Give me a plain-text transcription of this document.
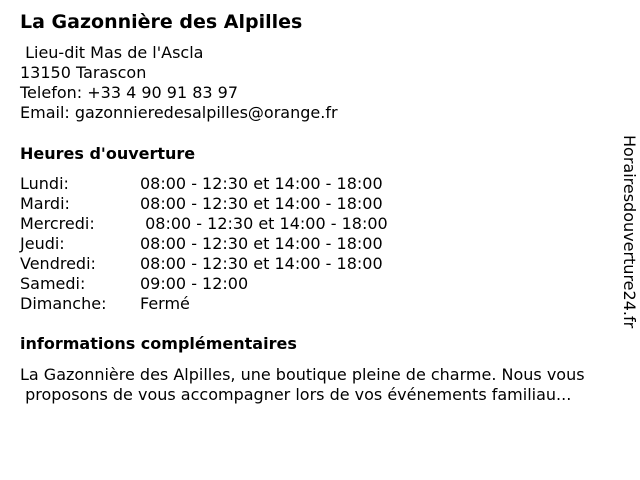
La Gazonnière des Alpilles
Lieu-dit Mas de l'Ascla
13150 Tarascon
Telefon: +33 4 90 91 83 97
Email: gazonnieredesalpilles@orange.fr
Heures d'ouverture
Lundi:	08:00 - 12:30 et 14:00 - 18:00
Mardi:	08:00 - 12:30 et 14:00 - 18:00
Mercredi:	08:00 - 12:30 et 14:00 - 18:00
Jeudi:	08:00 - 12:30 et 14:00 - 18:00
Vendredi:	08:00 - 12:30 et 14:00 - 18:00
Samedi:	09:00 - 12:00
Dimanche: Fermé
informations complémentaires
La Gazonnière des Alpilles, une boutique pleine de charme. Nous vous
proposons de vous accompagner lors de vos événements familiau...
Horairesdouverture24.fr
